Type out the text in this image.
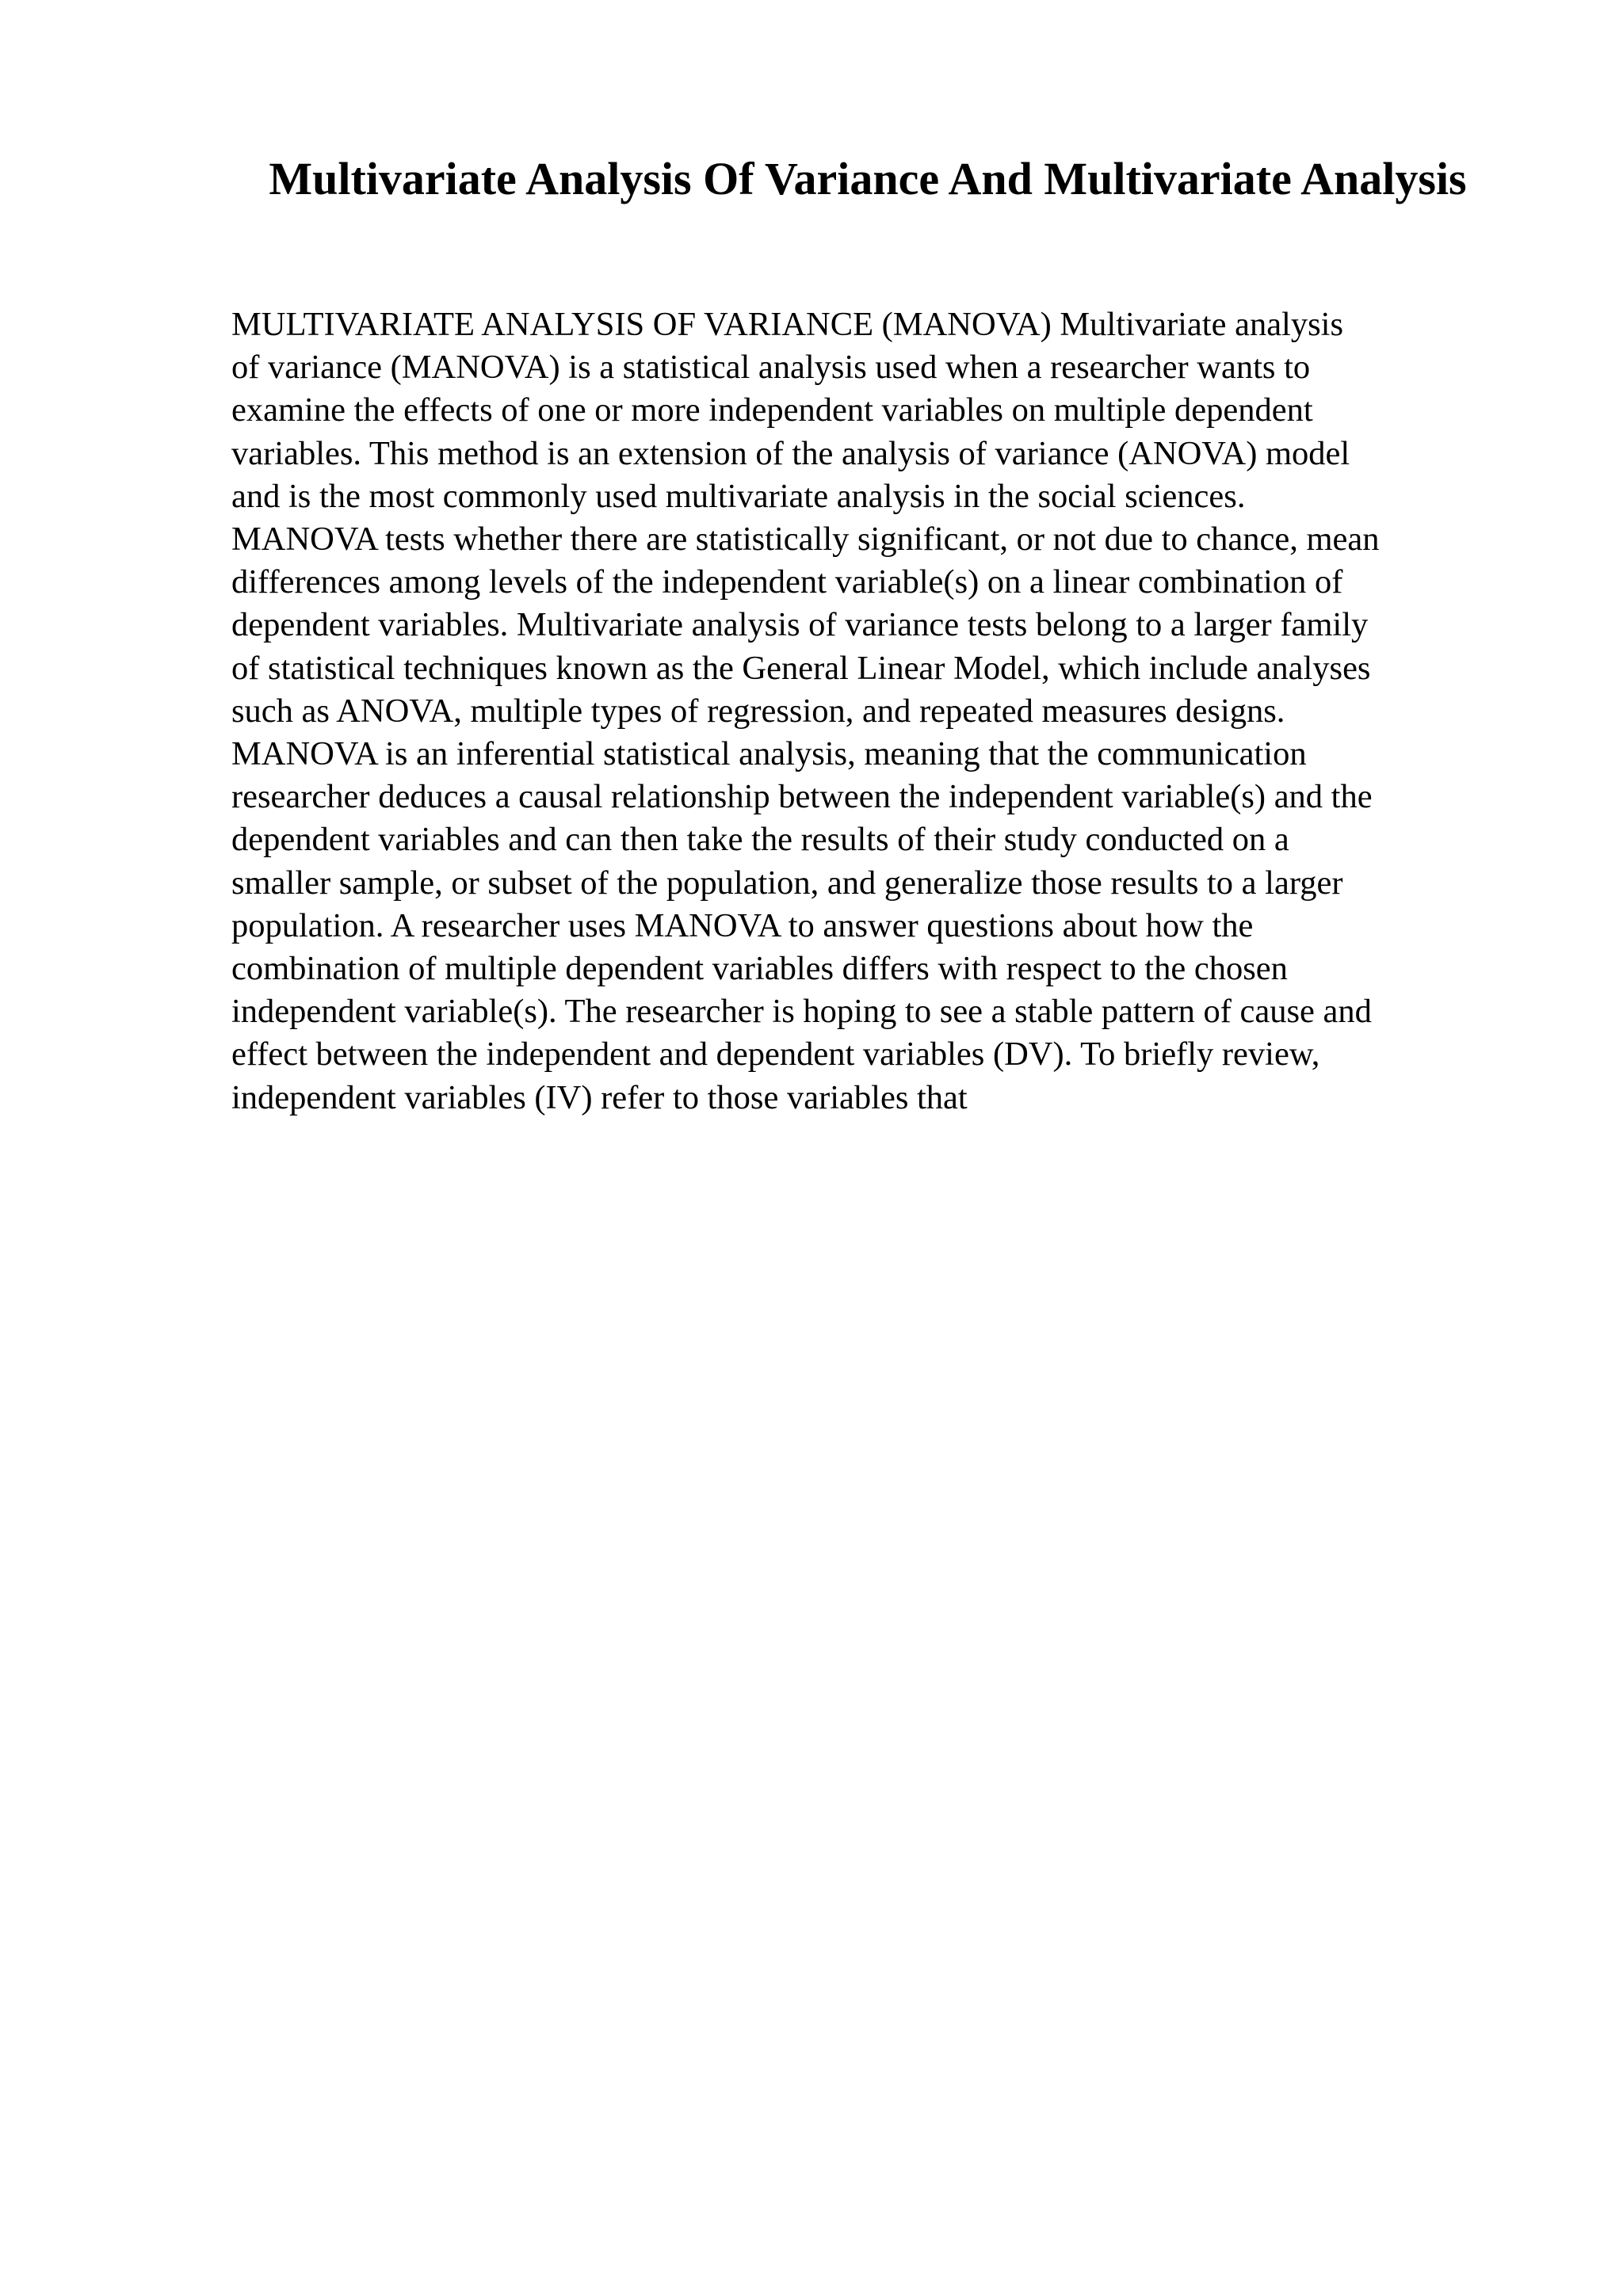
Multivariate Analysis Of Variance And Multivariate Analysis
MULTIVARIATE ANALYSIS OF VARIANCE (MANOVA) Multivariate analysis
of variance (MANOVA) is a statistical analysis used when a researcher wants to
examine the effects of one or more independent variables on multiple dependent
variables. This method is an extension of the analysis of variance (ANOVA) model
and is the most commonly used multivariate analysis in the social sciences.
MANOVA tests whether there are statistically significant, or not due to chance, mean
differences among levels of the independent variable(s) on a linear combination of
dependent variables. Multivariate analysis of variance tests belong to a larger family
of statistical techniques known as the General Linear Model, which include analyses
such as ANOVA, multiple types of regression, and repeated measures designs.
MANOVA is an inferential statistical analysis, meaning that the communication
researcher deduces a causal relationship between the independent variable(s) and the
dependent variables and can then take the results of their study conducted on a
smaller sample, or subset of the population, and generalize those results to a larger
population. A researcher uses MANOVA to answer questions about how the
combination of multiple dependent variables differs with respect to the chosen
independent variable(s). The researcher is hoping to see a stable pattern of cause and
effect between the independent and dependent variables (DV). To briefly review,
independent variables (IV) refer to those variables that
